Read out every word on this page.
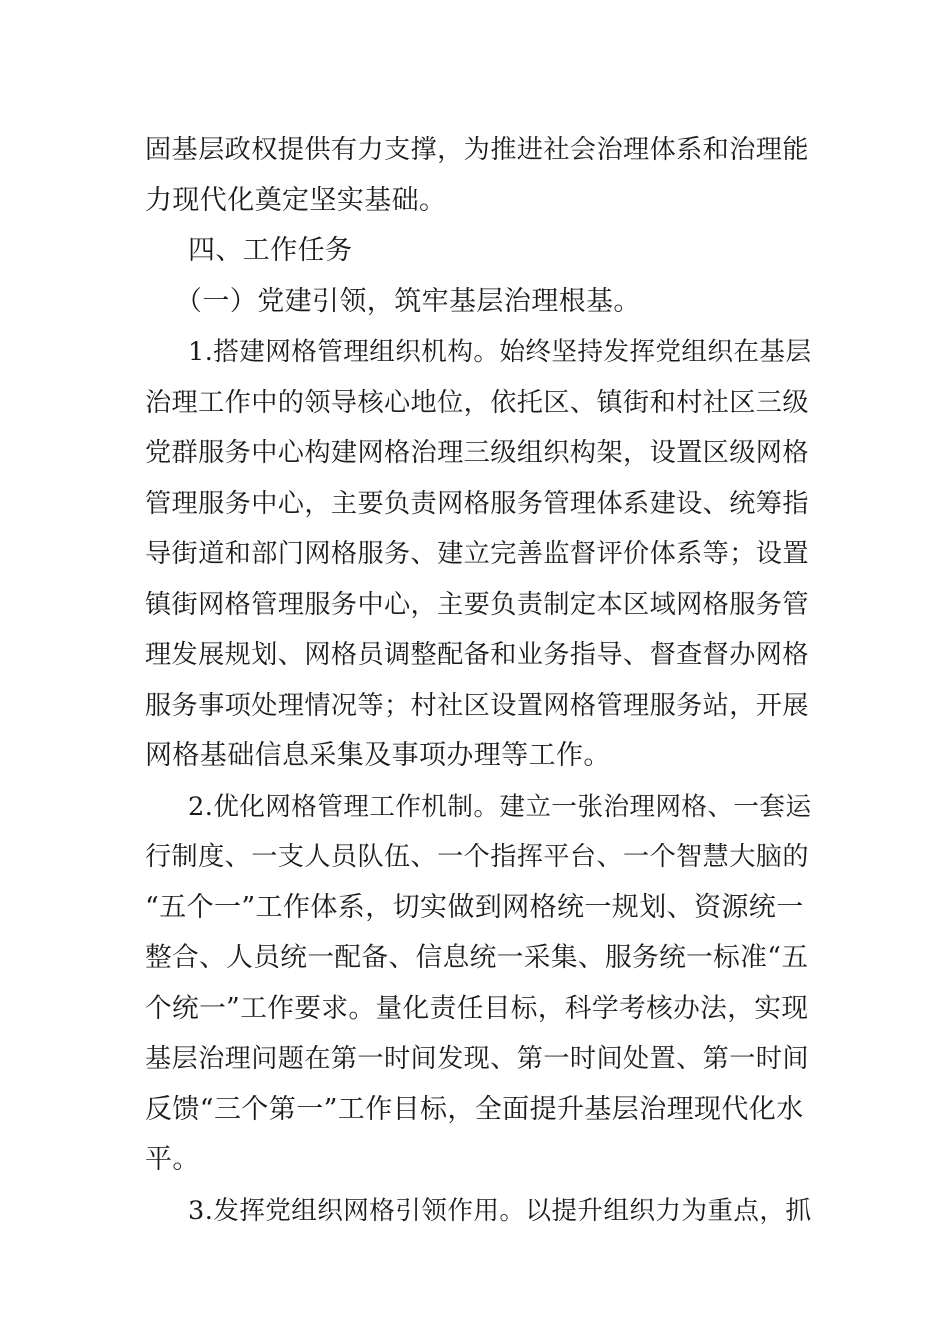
固基层政权提供有力支撑，为推进社会治理体系和治理能
力现代化奠定坚实基础。
四、工作任务
（一）党建引领，筑牢基层治理根基。
1.搭建网格管理组织机构。始终坚持发挥党组织在基层
治理工作中的领导核心地位，依托区、镇街和村社区三级
党群服务中心构建网格治理三级组织构架，设置区级网格
管理服务中心，主要负责网格服务管理体系建设、统筹指
导街道和部门网格服务、建立完善监督评价体系等；设置
镇街网格管理服务中心，主要负责制定本区域网格服务管
理发展规划、网格员调整配备和业务指导、督查督办网格
服务事项处理情况等；村社区设置网格管理服务站，开展
网格基础信息采集及事项办理等工作。
2.优化网格管理工作机制。建立一张治理网格、一套运
行制度、一支人员队伍、一个指挥平台、一个智慧大脑的
“五个一”工作体系，切实做到网格统一规划、资源统一
整合、人员统一配备、信息统一采集、服务统一标准“五
个统一”工作要求。量化责任目标，科学考核办法，实现
基层治理问题在第一时间发现、第一时间处置、第一时间
反馈“三个第一”工作目标，全面提升基层治理现代化水
平。
3.发挥党组织网格引领作用。以提升组织力为重点，抓
